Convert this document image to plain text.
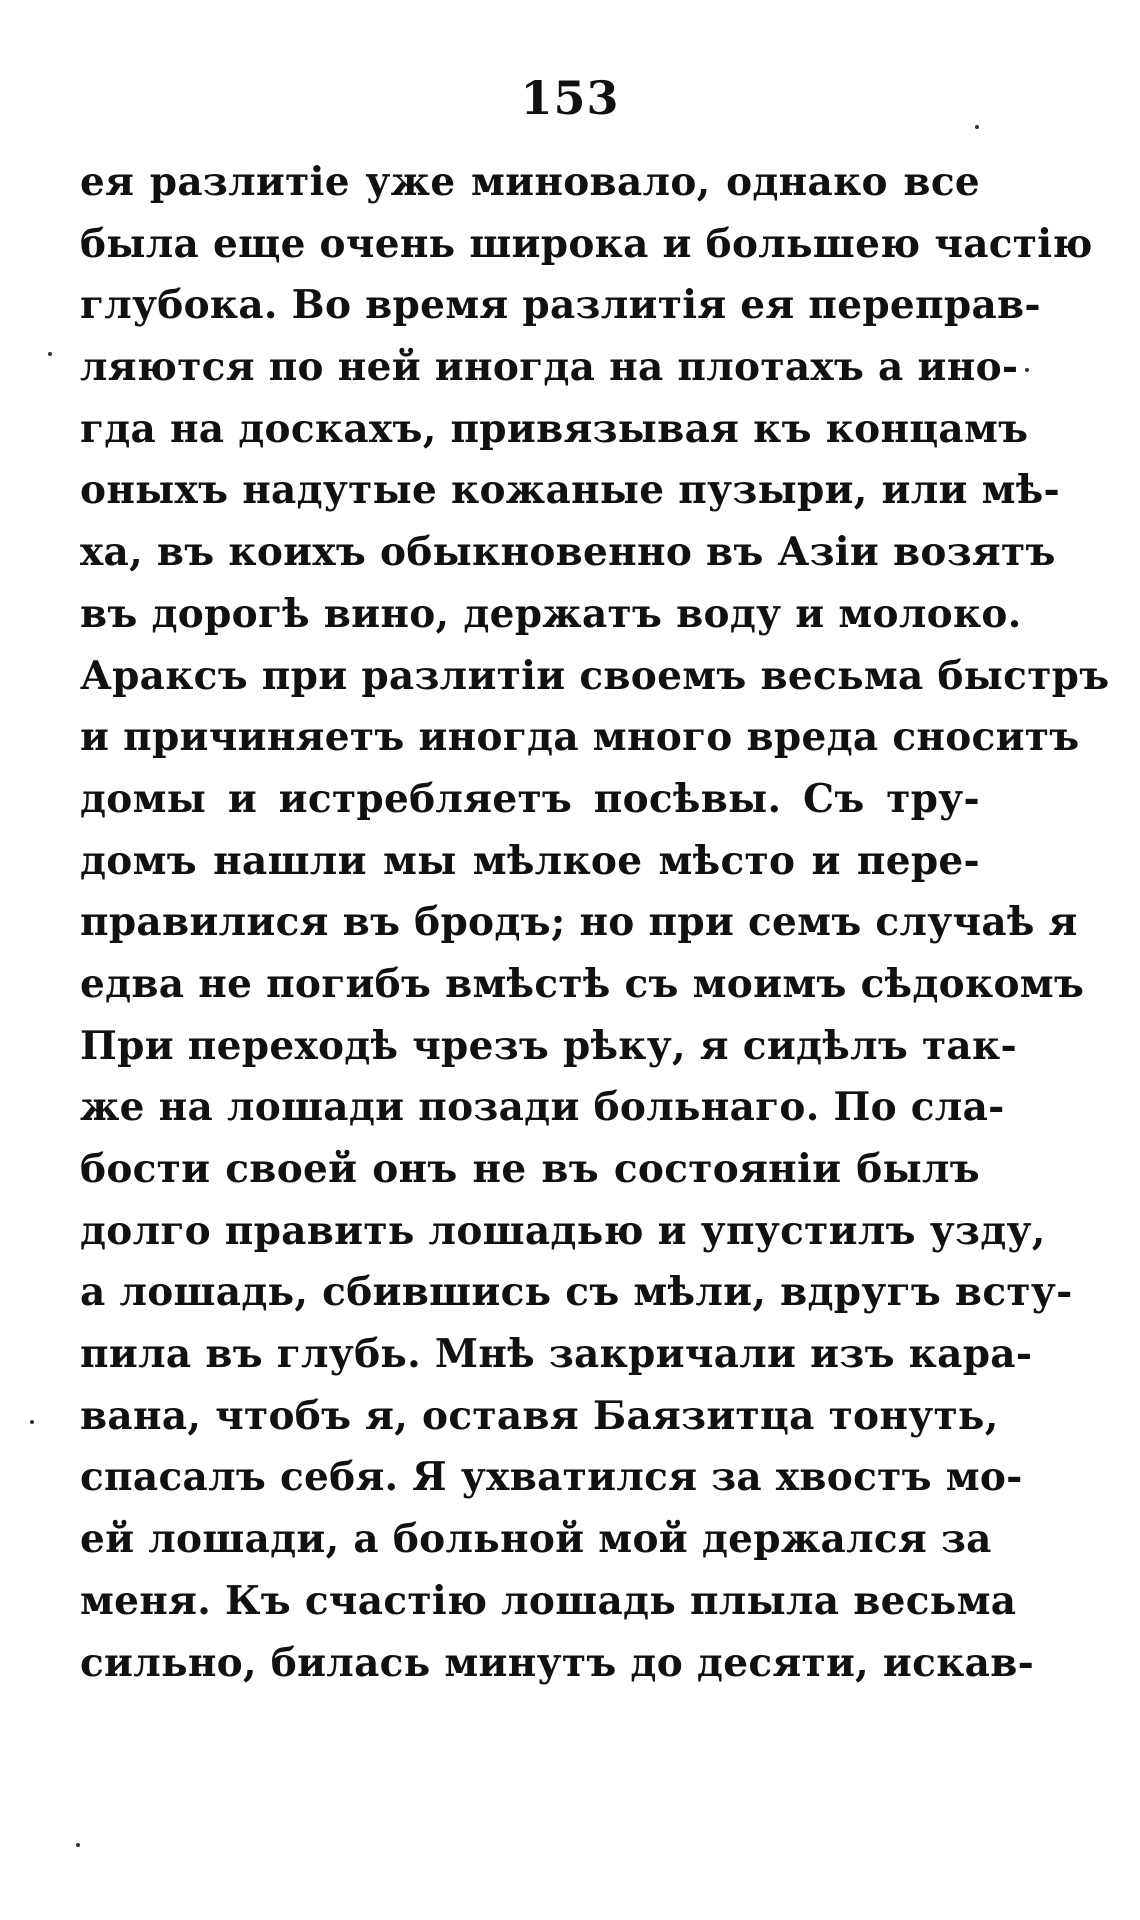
153
ея разлитіе уже миновало, однако все
была еще очень широка и большею частію
глубока. Во время разлитія ея перепрaв-
ляются по ней иногда на плотахъ а ино-
гда на доскахъ, привязывая къ концамъ
оныхъ надутые кожаные пузыри, или мѣ-
ха, въ коихъ обыкновенно въ Азіи возятъ
въ дорогѣ вино, держатъ воду и молоко.
Араксъ при разлитіи своемъ весьма быстръ
и причиняетъ иногда много вреда сноситъ
домы и истребляетъ посѣвы. Съ тру-
домъ нашли мы мѣлкое мѣсто и пере-
правилися въ бродъ; но при семъ случаѣ я
едва не погибъ вмѣстѣ съ моимъ сѣдокомъ
При переходѣ чрезъ рѣку, я сидѣлъ так-
же на лошади позади больнаго. По сла-
бости своей онъ не въ состояніи былъ
долго править лошадью и упустилъ узду,
а лошадь, сбившись съ мѣли, вдругъ всту-
пила въ глубь. Мнѣ закричали изъ кара-
вана, чтобъ я, оставя Баязитца тонуть,
спасалъ себя. Я ухватился за хвостъ мо-
ей лошади, а больной мой держался за
меня. Къ счастію лошадь плыла весьма
сильно, билась минутъ до десяти, искав-
